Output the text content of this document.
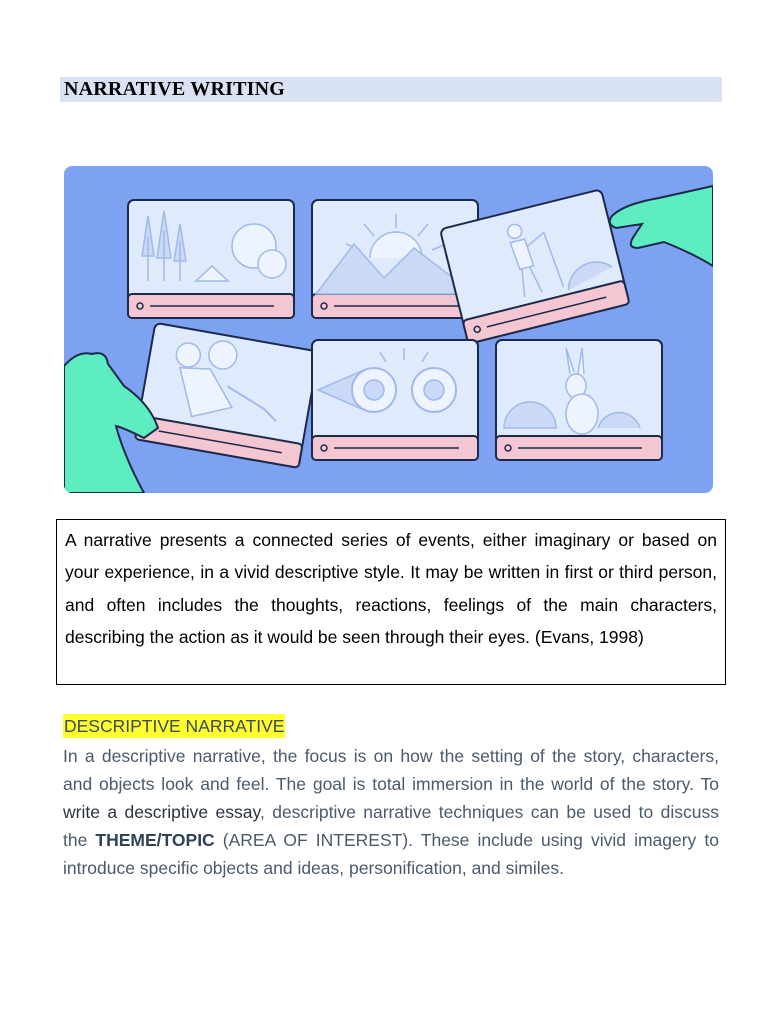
NARRATIVE WRITING

A narrative presents a connected series of events, either imaginary or based on your experience, in a vivid descriptive style. It may be written in first or third person, and often includes the thoughts, reactions, feelings of the main characters, describing the action as it would be seen through their eyes. (Evans, 1998)

DESCRIPTIVE NARRATIVE

In a descriptive narrative, the focus is on how the setting of the story, characters, and objects look and feel. The goal is total immersion in the world of the story. To write a descriptive essay, descriptive narrative techniques can be used to discuss the THEME/TOPIC (AREA OF INTEREST). These include using vivid imagery to introduce specific objects and ideas, personification, and similes.
